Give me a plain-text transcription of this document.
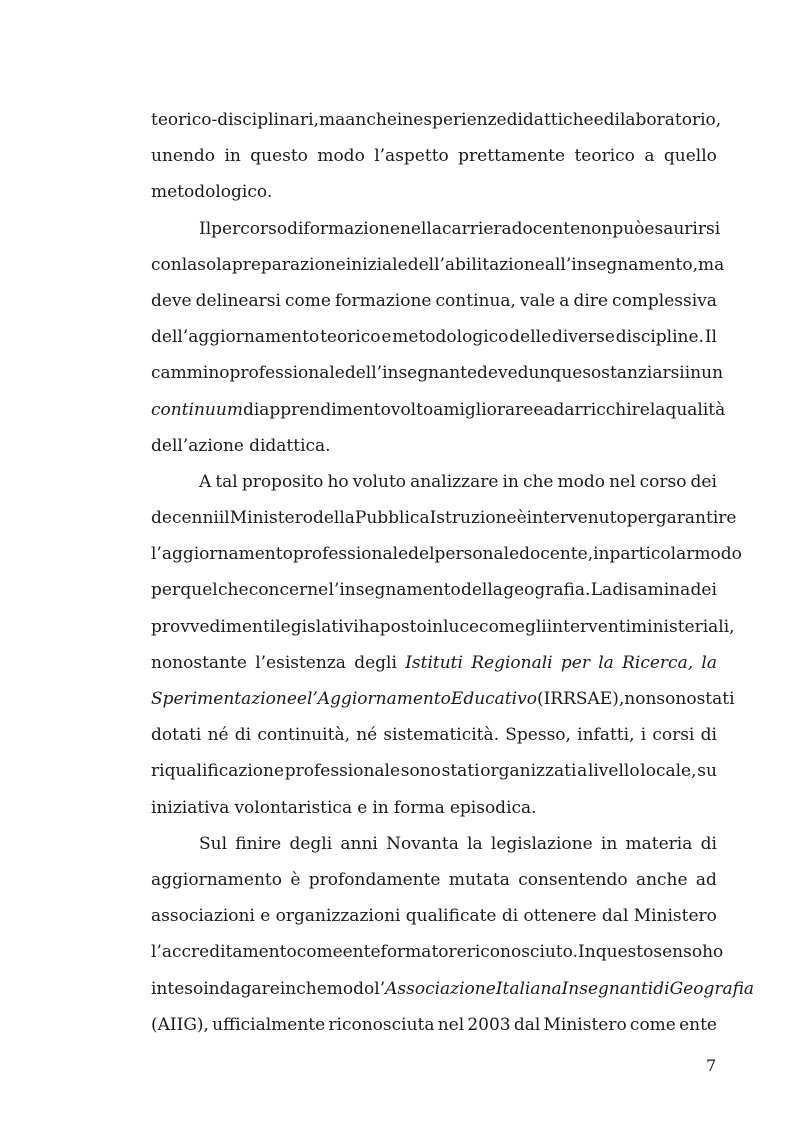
teorico-disciplinari, ma anche in esperienze didattiche e di laboratorio,
unendo in questo modo l’aspetto prettamente teorico a quello
metodologico.
Il percorso di formazione nella carriera docente non può esaurirsi
con la sola preparazione iniziale dell’abilitazione all’insegnamento, ma
deve delinearsi come formazione continua, vale a dire complessiva
dell’aggiornamento teorico e metodologico delle diverse discipline. Il
cammino professionale dell’insegnante deve dunque sostanziarsi in un
continuum di apprendimento volto a migliorare e ad arricchire la qualità
dell’azione didattica.
A tal proposito ho voluto analizzare in che modo nel corso dei
decenni il Ministero della Pubblica Istruzione è intervenuto per garantire
l’aggiornamento professionale del personale docente, in particolar modo
per quel che concerne l’insegnamento della geografia. La disamina dei
provvedimenti legislativi ha posto in luce come gli interventi ministeriali,
nonostante l’esistenza degli Istituti Regionali per la Ricerca, la
Sperimentazione e l’Aggiornamento Educativo (IRRSAE), non sono stati
dotati né di continuità, né sistematicità. Spesso, infatti, i corsi di
riqualificazione professionale sono stati organizzati a livello locale, su
iniziativa volontaristica e in forma episodica.
Sul finire degli anni Novanta la legislazione in materia di
aggiornamento è profondamente mutata consentendo anche ad
associazioni e organizzazioni qualificate di ottenere dal Ministero
l’accreditamento come ente formatore riconosciuto. In questo senso ho
inteso indagare in che modo l’Associazione Italiana Insegnanti di Geografia
(AIIG), ufficialmente riconosciuta nel 2003 dal Ministero come ente
7
